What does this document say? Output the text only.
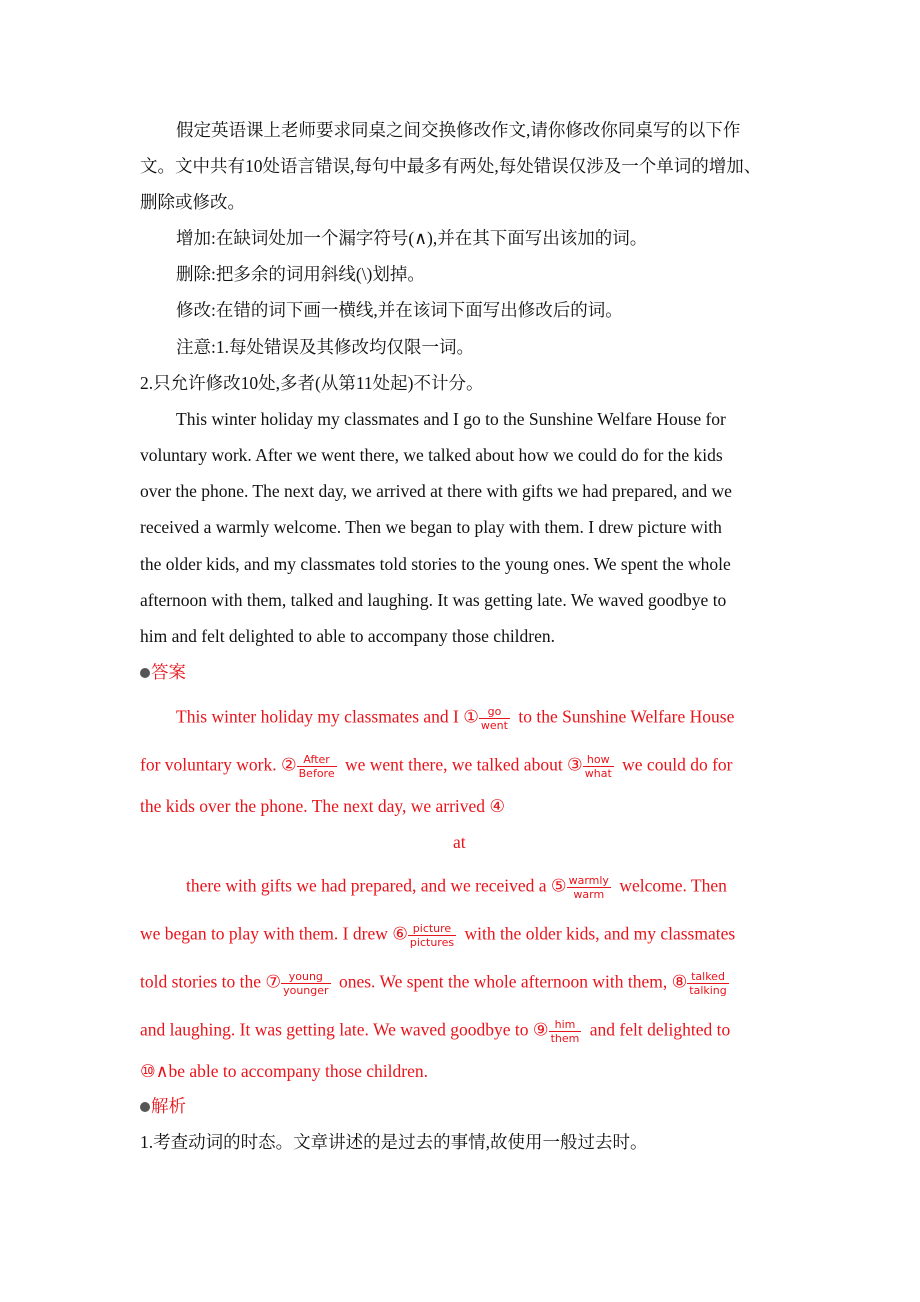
假定英语课上老师要求同桌之间交换修改作文,请你修改你同桌写的以下作
文。文中共有10处语言错误,每句中最多有两处,每处错误仅涉及一个单词的增加、
删除或修改。
增加:在缺词处加一个漏字符号(∧),并在其下面写出该加的词。
删除:把多余的词用斜线(\)划掉。
修改:在错的词下画一横线,并在该词下面写出修改后的词。
注意:1.每处错误及其修改均仅限一词。
2.只允许修改10处,多者(从第11处起)不计分。
This winter holiday my classmates and I go to the Sunshine Welfare House for
voluntary work. After we went there, we talked about how we could do for the kids
over the phone. The next day, we arrived at there with gifts we had prepared, and we
received a warmly welcome. Then we began to play with them. I drew picture with
the older kids, and my classmates told stories to the young ones. We spent the whole
afternoon with them, talked and laughing. It was getting late. We waved goodbye to
him and felt delighted to able to accompany those children.
答案
This winter holiday my classmates and I ① $\frac{go}{\text{went}}$ to the Sunshine Welfare House
for voluntary work. ② $\frac{\text{After}}{\text{Before}}$ we went there, we talked about ③ $\frac{\text{how}}{\text{what}}$ we could do for
the kids over the phone. The next day, we arrived ④
at
there with gifts we had prepared, and we received a ⑤ $\frac{\text{warmly}}{\text{warm}}$ welcome. Then
we began to play with them. I drew ⑥ $\frac{\text{picture}}{\text{pictures}}$ with the older kids, and my classmates
told stories to the ⑦ $\frac{\text{young}}{\text{younger}}$ ones. We spent the whole afternoon with them, ⑧ $\frac{\text{talked}}{\text{talking}}$
and laughing. It was getting late. We waved goodbye to ⑨ $\frac{\text{him}}{\text{them}}$ and felt delighted to
⑩∧be able to accompany those children.
解析
1.考查动词的时态。文章讲述的是过去的事情,故使用一般过去时。
